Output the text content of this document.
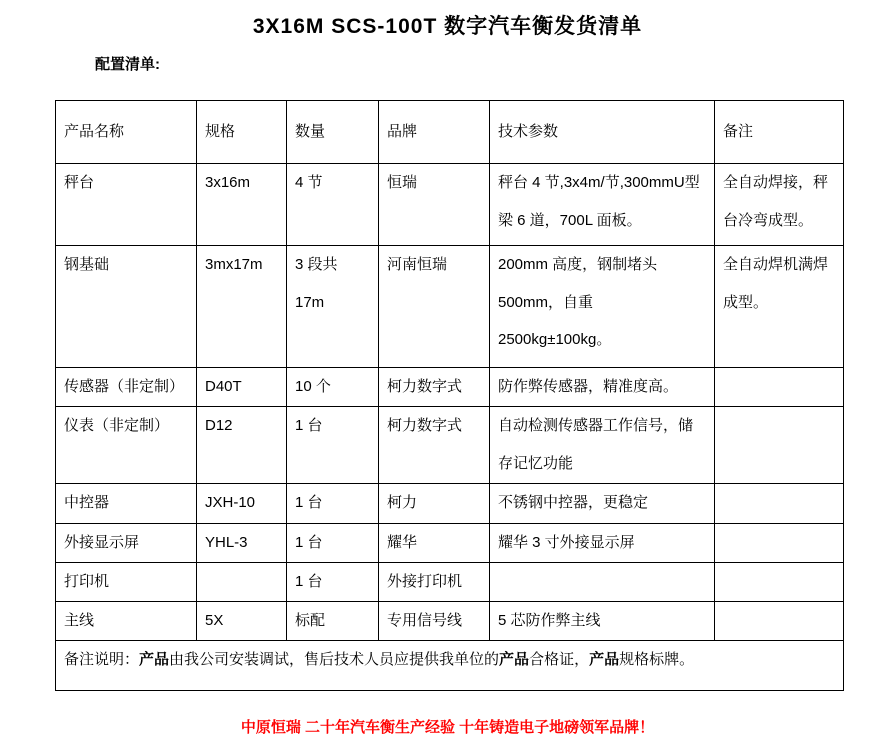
3X16M SCS-100T 数字汽车衡发货清单
配置清单:
产品名称	规格	数量	品牌	技术参数	备注
秤台	3x16m	4 节	恒瑞	秤台 4 节,3x4m/节,300mmU型梁 6 道，700L 面板。	全自动焊接，秤台冷弯成型。
钢基础	3mx17m	3 段共 17m	河南恒瑞	200mm 高度，钢制堵头 500mm，自重 2500kg±100kg。	全自动焊机满焊成型。
传感器（非定制）	D40T	10 个	柯力数字式	防作弊传感器，精准度高。	
仪表（非定制）	D12	1 台	柯力数字式	自动检测传感器工作信号，储存记忆功能	
中控器	JXH-10	1 台	柯力	不锈钢中控器，更稳定	
外接显示屏	YHL-3	1 台	耀华	耀华 3 寸外接显示屏	
打印机		1 台	外接打印机		
主线	5X	标配	专用信号线	5 芯防作弊主线	
备注说明：产品由我公司安装调试，售后技术人员应提供我单位的产品合格证，产品规格标牌。					
中原恒瑞 二十年汽车衡生产经验 十年铸造电子地磅领军品牌！
